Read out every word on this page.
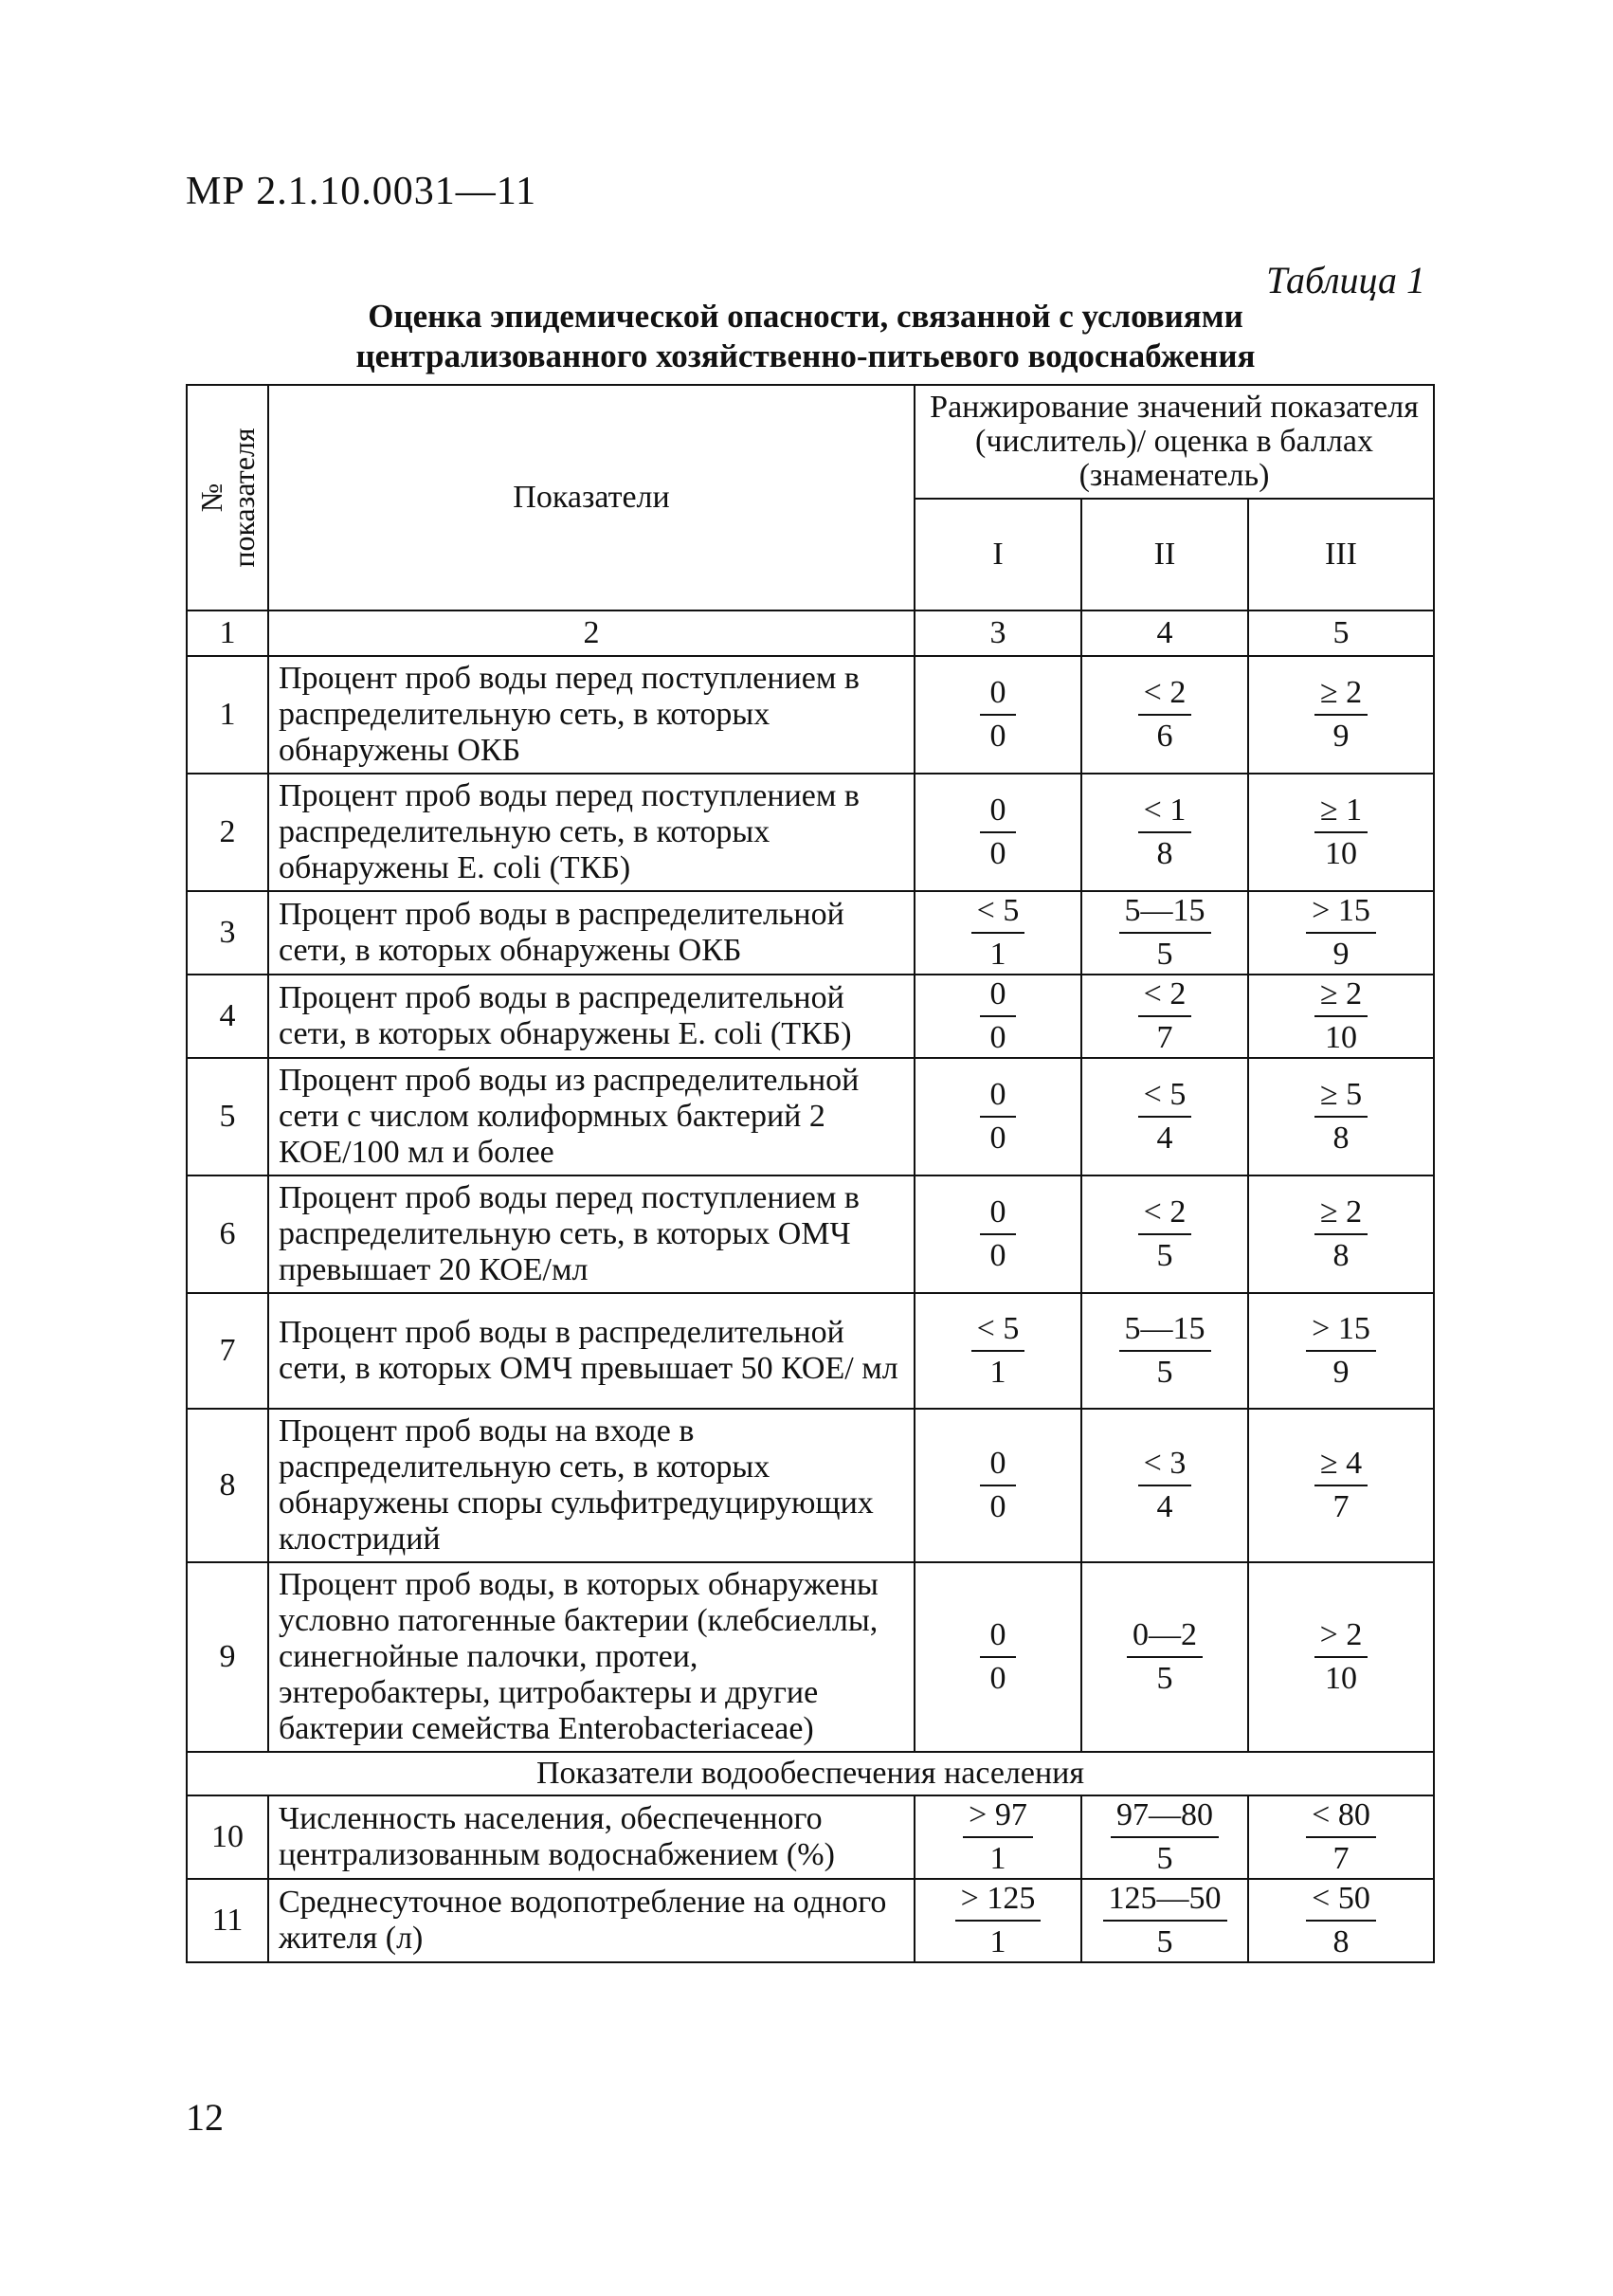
МР 2.1.10.0031—11
Таблица 1
Оценка эпидемической опасности, связанной с условиями
централизованного хозяйственно-питьевого водоснабжения
№
показателя	Показатели	Ранжирование значений показателя (числитель)/ оценка в баллах (знаменатель)		
		I	II	III
1	2	3	4	5
1	Процент проб воды перед поступлением в распределительную сеть, в которых обнаружены ОКБ	$\frac{0}{0}$	$\frac{< 2}{6}$	$\frac{\ge 2}{9}$

2	Процент проб воды перед поступлением в распределительную сеть, в которых обнаружены E. coli (ТКБ)	$\frac{0}{0}$	$\frac{< 1}{8}$	$\frac{\ge 1}{10}$

3	Процент проб воды в распределительной сети, в которых обнаружены ОКБ	$\frac{< 5}{1}$	$\frac{5—15}{5}$	$\frac{> 15}{9}$

4	Процент проб воды в распределительной сети, в которых обнаружены E. coli (ТКБ)	$\frac{0}{0}$	$\frac{< 2}{7}$	$\frac{\ge 2}{10}$

5	Процент проб воды из распределительной сети с числом колиформных бактерий 2 КОЕ/100 мл и более	$\frac{0}{0}$	$\frac{< 5}{4}$	$\frac{\ge 5}{8}$

6	Процент проб воды перед поступлением в распределительную сеть, в которых ОМЧ превышает 20 КОЕ/мл	$\frac{0}{0}$	$\frac{< 2}{5}$	$\frac{\ge 2}{8}$

7	Процент проб воды в распределительной сети, в которых ОМЧ превышает 50 КОЕ/ мл	$\frac{< 5}{1}$	$\frac{5—15}{5}$	$\frac{> 15}{9}$

8	Процент проб воды на входе в распределительную сеть, в которых обнаружены споры сульфитредуцирующих клостридий	$\frac{0}{0}$	$\frac{< 3}{4}$	$\frac{\ge 4}{7}$

9	Процент проб воды, в которых обнаружены условно патогенные бактерии (клебсиеллы, синегнойные палочки, протеи, энтеробактеры, цитробактеры и другие бактерии семейства Enterobacteriaceae)	$\frac{0}{0}$	$\frac{0—2}{5}$	$\frac{> 2}{10}$

Показатели водообеспечения населения				
10	Численность населения, обеспеченного централизованным водоснабжением (%)	$\frac{> 97}{1}$	$\frac{97—80}{5}$	$\frac{< 80}{7}$

11	Среднесуточное водопотребление на одного жителя (л)	$\frac{> 125}{1}$	$\frac{125—50}{5}$	$\frac{< 50}{8}$
12
